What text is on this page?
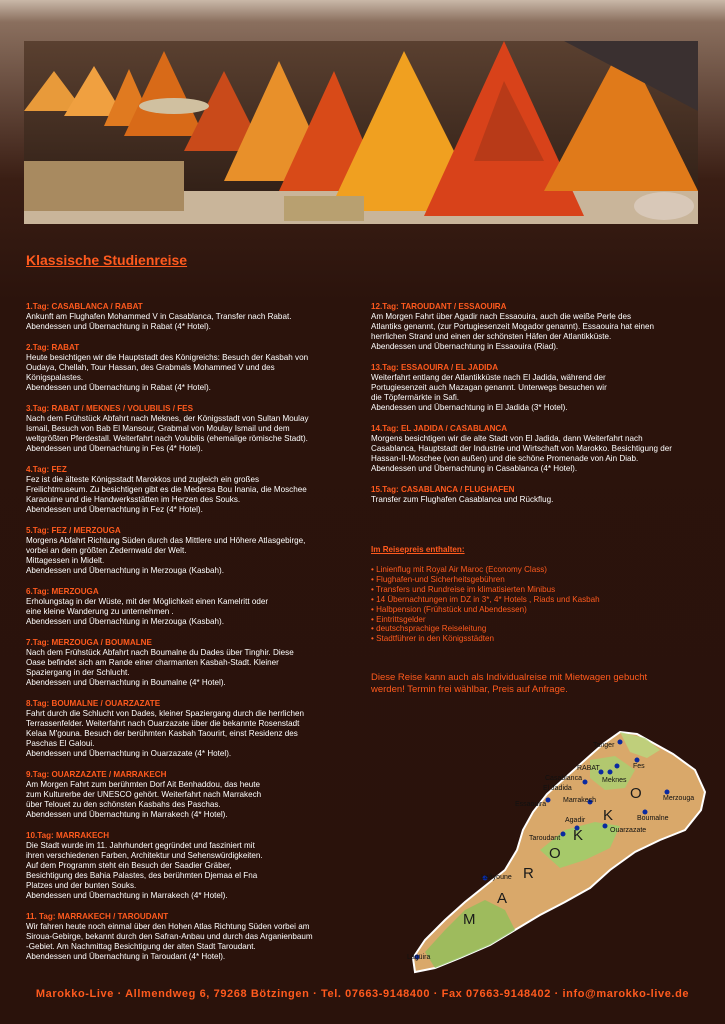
Klassische Studienreise
1.Tag: CASABLANCA / RABAT
Ankunft am Flughafen Mohammed V in Casablanca, Transfer nach Rabat.
Abendessen und Übernachtung in Rabat (4* Hotel).
2.Tag: RABAT
Heute besichtigen wir die Hauptstadt des Königreichs: Besuch der Kasbah von
Oudaya, Chellah, Tour Hassan, des Grabmals Mohammed V und des
Königspalastes.
Abendessen und Übernachtung in Rabat (4* Hotel).
3.Tag: RABAT / MEKNES / VOLUBILIS / FES
Nach dem Frühstück Abfahrt nach Meknes, der Königsstadt von Sultan Moulay
Ismail, Besuch von Bab El Mansour, Grabmal von Moulay Ismail und dem
weltgrößten Pferdestall. Weiterfahrt nach Volubilis (ehemalige römische Stadt).
Abendessen und Übernachtung in Fes (4* Hotel).
4.Tag: FEZ
Fez ist die älteste Königsstadt Marokkos und zugleich ein großes
Freilichtmuseum. Zu besichtigen gibt es die Medersa Bou Inania, die Moschee
Karaouine und die Handwerksstätten im Herzen des Souks.
Abendessen und Übernachtung in Fez (4* Hotel).
5.Tag: FEZ / MERZOUGA
Morgens Abfahrt Richtung Süden durch das Mittlere und Höhere Atlasgebirge,
vorbei an dem größten Zedernwald der Welt.
Mittagessen in Midelt.
Abendessen und Übernachtung in Merzouga (Kasbah).
6.Tag: MERZOUGA
Erholungstag in der Wüste, mit der Möglichkeit einen Kamelritt oder
eine kleine Wanderung zu unternehmen .
Abendessen und Übernachtung in Merzouga (Kasbah).
7.Tag: MERZOUGA / BOUMALNE
Nach dem Frühstück Abfahrt nach Boumalne du Dades über Tinghir. Diese
Oase befindet sich am Rande einer charmanten Kasbah-Stadt. Kleiner
Spaziergang in der Schlucht.
Abendessen und Übernachtung in Boumalne (4* Hotel).
8.Tag: BOUMALNE / OUARZAZATE
Fahrt durch die Schlucht von Dades, kleiner Spaziergang durch die herrlichen
Terrassenfelder. Weiterfahrt nach Ouarzazate über die bekannte Rosenstadt
Kelaa M'gouna. Besuch der berühmten Kasbah Taourirt, einst Residenz des
Paschas El Galoui.
Abendessen und Übernachtung in Ouarzazate (4* Hotel).
9.Tag: OUARZAZATE / MARRAKECH
Am Morgen Fahrt zum berühmten Dorf Ait Benhaddou, das heute
zum Kulturerbe der UNESCO gehört. Weiterfahrt nach Marrakech
über Telouet zu den schönsten Kasbahs des Paschas.
Abendessen und Übernachtung in Marrakech (4* Hotel).
10.Tag: MARRAKECH
Die Stadt wurde im 11. Jahrhundert gegründet und fasziniert mit
ihren verschiedenen Farben, Architektur und Sehenswürdigkeiten.
Auf dem Programm steht ein Besuch der Saadier Gräber,
Besichtigung des Bahia Palastes, des berühmten Djemaa el Fna
Platzes und der bunten Souks.
Abendessen und Übernachtung in Marrakech (4* Hotel).
11. Tag: MARRAKECH / TAROUDANT
Wir fahren heute noch einmal über den Hohen Atlas Richtung Süden vorbei am
Siroua-Gebirge, bekannt durch den Safran-Anbau und durch das Arganienbaum
-Gebiet. Am Nachmittag Besichtigung der alten Stadt Taroudant.
Abendessen und Übernachtung in Taroudant (4* Hotel).
12.Tag: TAROUDANT / ESSAOUIRA
Am Morgen Fahrt über Agadir nach Essaouira, auch die weiße Perle des
Atlantiks genannt, (zur Portugiesenzeit Mogador genannt). Essaouira hat einen
herrlichen Strand und einen der schönsten Häfen der Atlantikküste.
Abendessen und Übernachtung in Essaouira (Riad).
13.Tag: ESSAOUIRA / EL JADIDA
Weiterfahrt entlang der Atlantikküste nach El Jadida, während der
Portugiesenzeit auch Mazagan genannt. Unterwegs besuchen wir
die Töpfermärkte in Safi.
Abendessen und Übernachtung in El Jadida (3* Hotel).
14.Tag: EL JADIDA / CASABLANCA
Morgens besichtigen wir die alte Stadt von El Jadida, dann Weiterfahrt nach
Casablanca, Hauptstadt der Industrie und Wirtschaft von Marokko. Besichtigung der
Hassan-II-Moschee (von außen) und die schöne Promenade von Ain Diab.
Abendessen und Übernachtung in Casablanca (4* Hotel).
15.Tag: CASABLANCA / FLUGHAFEN
Transfer zum Flughafen Casablanca und Rückflug.
Im Reisepreis enthalten:
• Linienflug mit Royal Air Maroc (Economy Class)
• Flughafen-und Sicherheitsgebühren
• Transfers und Rundreise im klimatisierten Minibus
• 14 Übernachtungen im DZ in 3*, 4* Hotels , Riads und Kasbah
• Halbpension (Frühstück und Abendessen)
• Eintrittsgelder
• deutschsprachige Reiseleitung
• Stadtführer in den Königsstädten
Diese Reise kann auch als Individualreise mit Mietwagen gebucht
werden! Termin frei wählbar, Preis auf Anfrage.
Tanger
RABAT	Fes
Casablanca	Meknes
El Jadida
Essaouira
Marrakech	Merzouga
Agadir	Boumalne
Taroudant
Ouarzazate
Laâyoune
Lagüira
M
A
R
O
K
K
O
Marokko-Live · Allmendweg 6, 79268 Bötzingen · Tel. 07663-9148400 · Fax 07663-9148402 · info@marokko-live.de
